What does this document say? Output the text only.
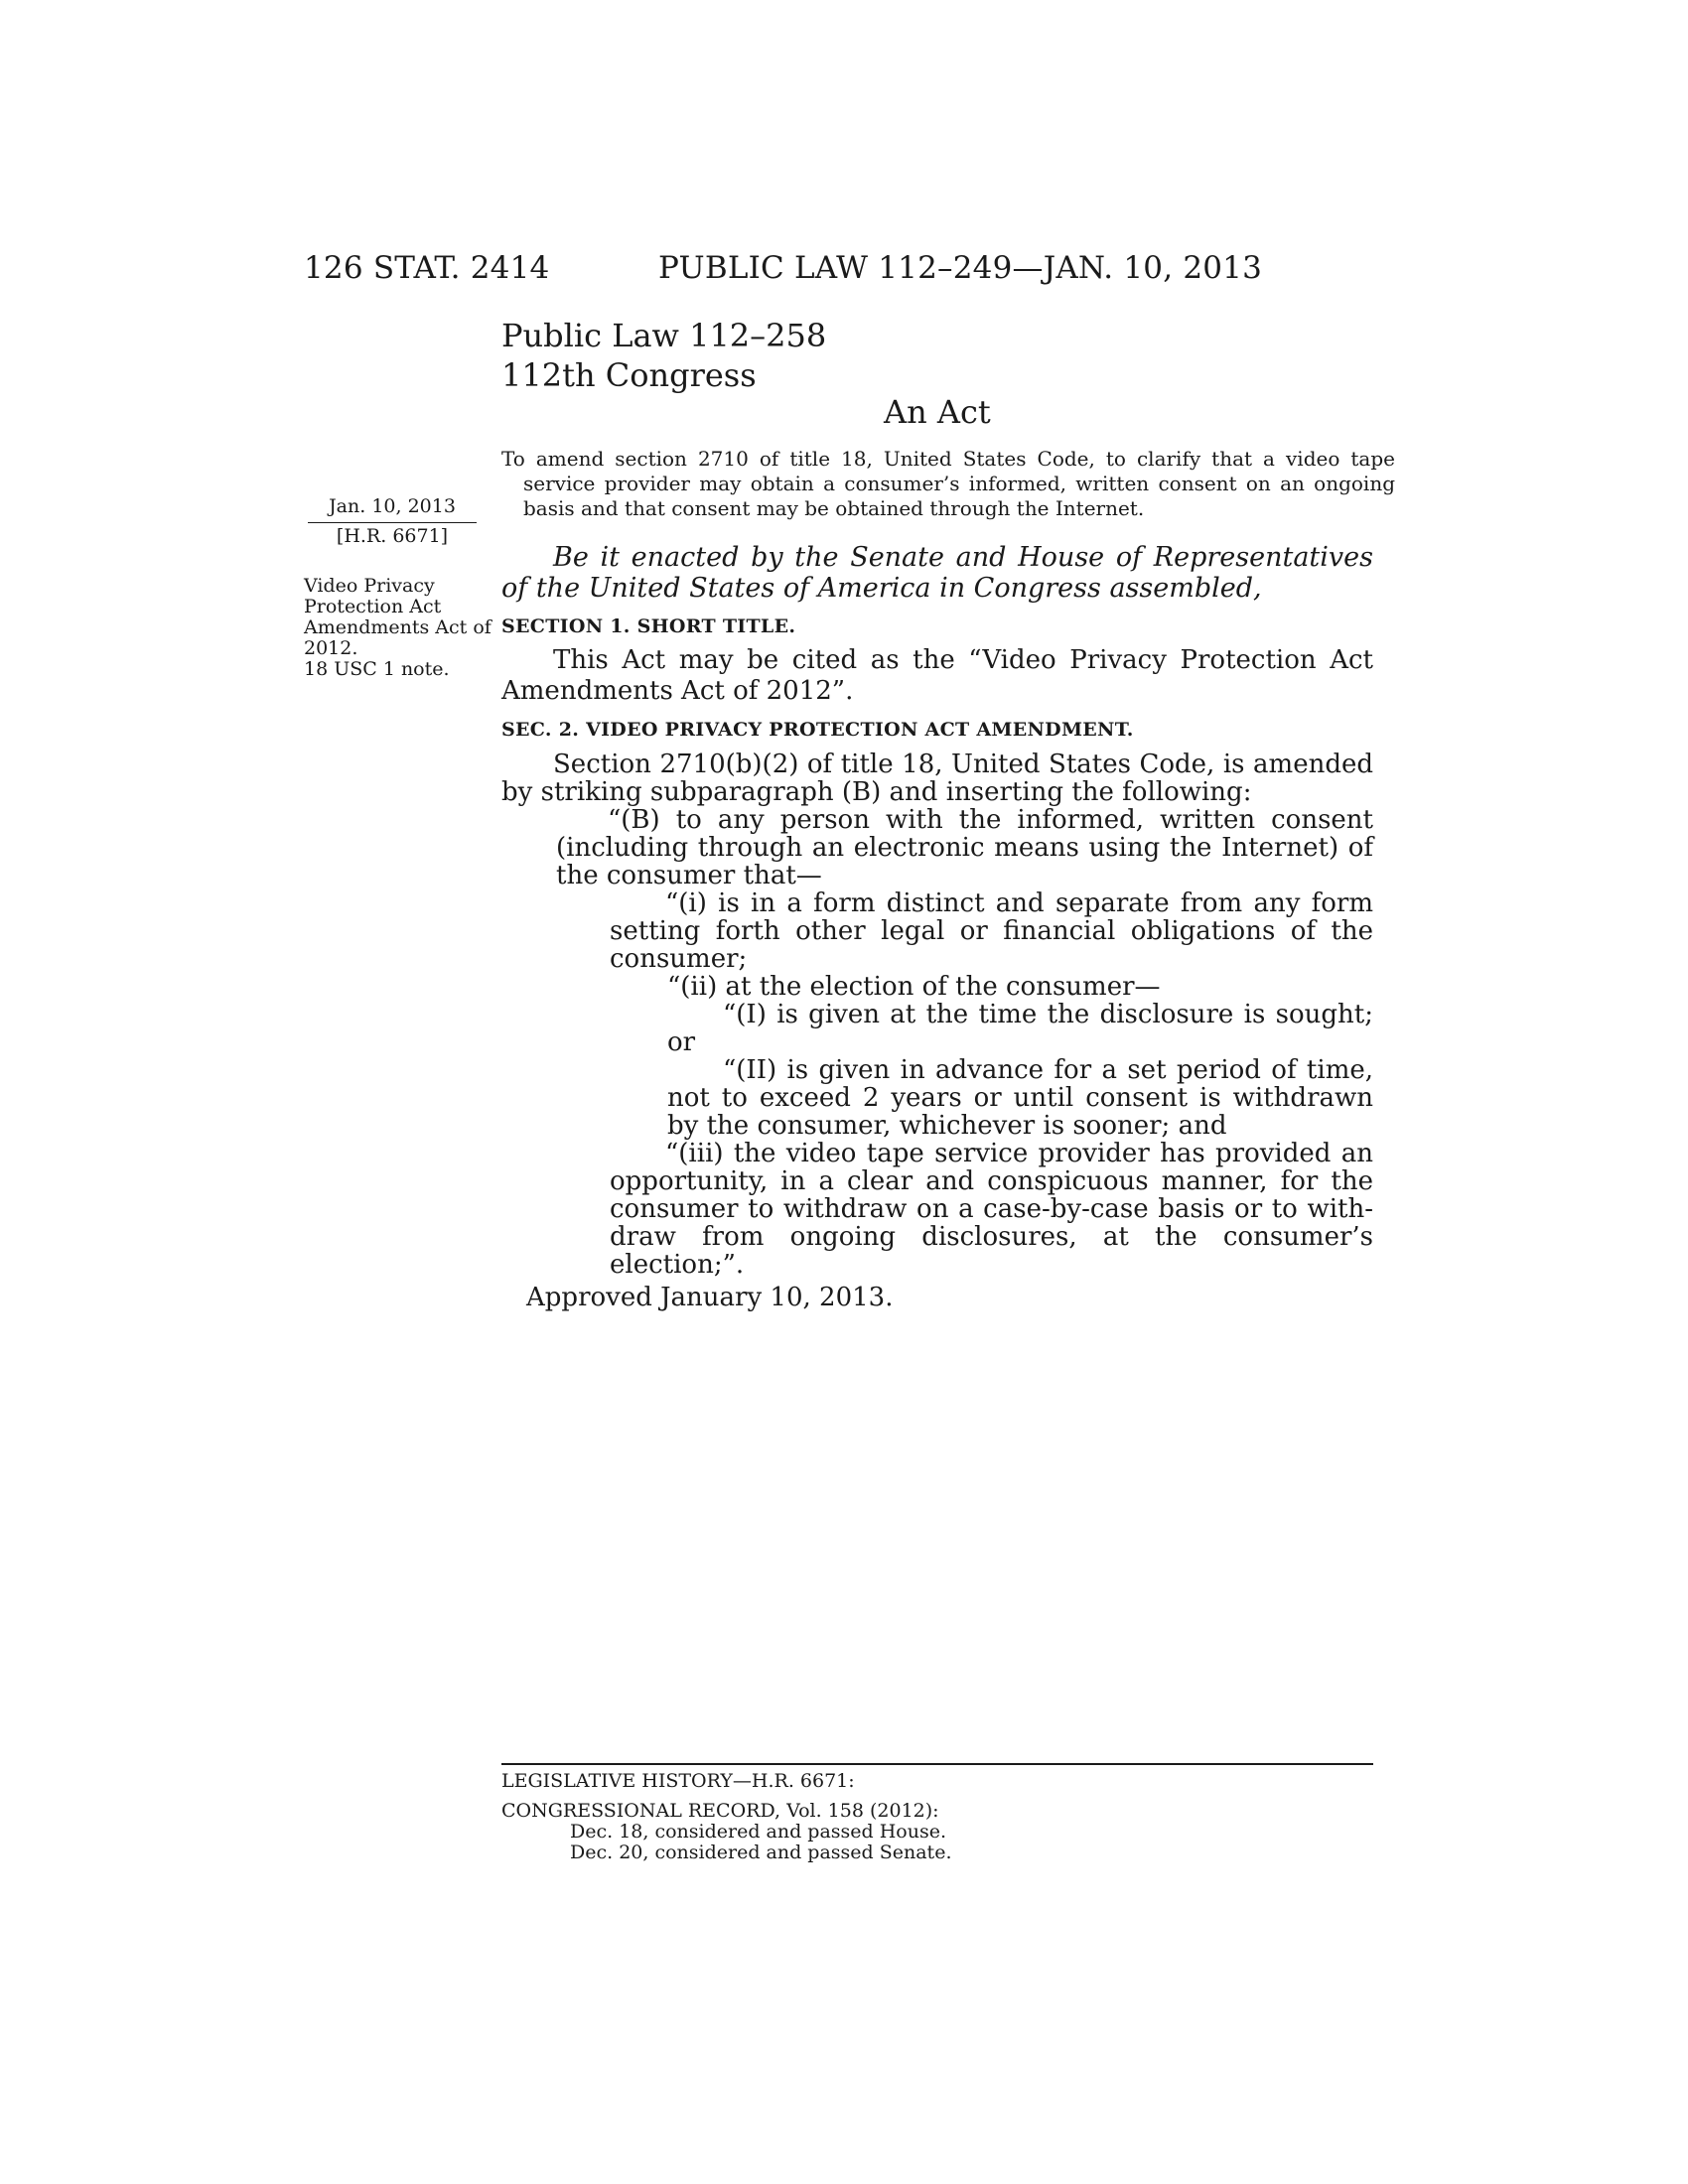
126 STAT. 2414	PUBLIC LAW 112–249—JAN. 10, 2013
Public Law 112–258
112th Congress
An Act
To amend section 2710 of title 18, United States Code, to clarify that a video tape service provider may obtain a consumer’s informed, written consent on an ongoing basis and that consent may be obtained through the Internet.
Jan. 10, 2013
[H.R. 6671]
Video Privacy Protection Act Amendments Act of 2012.
18 USC 1 note.
Be it enacted by the Senate and House of Representatives of the United States of America in Congress assembled,
SECTION 1. SHORT TITLE.
This Act may be cited as the “Video Privacy Protection Act Amendments Act of 2012”.
SEC. 2. VIDEO PRIVACY PROTECTION ACT AMENDMENT.
Section 2710(b)(2) of title 18, United States Code, is amended by striking subparagraph (B) and inserting the following:
“(B) to any person with the informed, written consent (including through an electronic means using the Internet) of the consumer that—
“(i) is in a form distinct and separate from any form setting forth other legal or financial obligations of the consumer;
“(ii) at the election of the consumer—
“(I) is given at the time the disclosure is sought; or
“(II) is given in advance for a set period of time, not to exceed 2 years or until consent is withdrawn by the consumer, whichever is sooner; and
“(iii) the video tape service provider has provided an opportunity, in a clear and conspicuous manner, for the consumer to withdraw on a case-by-case basis or to with-draw from ongoing disclosures, at the consumer’s election;”.
Approved January 10, 2013.
LEGISLATIVE HISTORY—H.R. 6671:
CONGRESSIONAL RECORD, Vol. 158 (2012):
Dec. 18, considered and passed House.
Dec. 20, considered and passed Senate.
